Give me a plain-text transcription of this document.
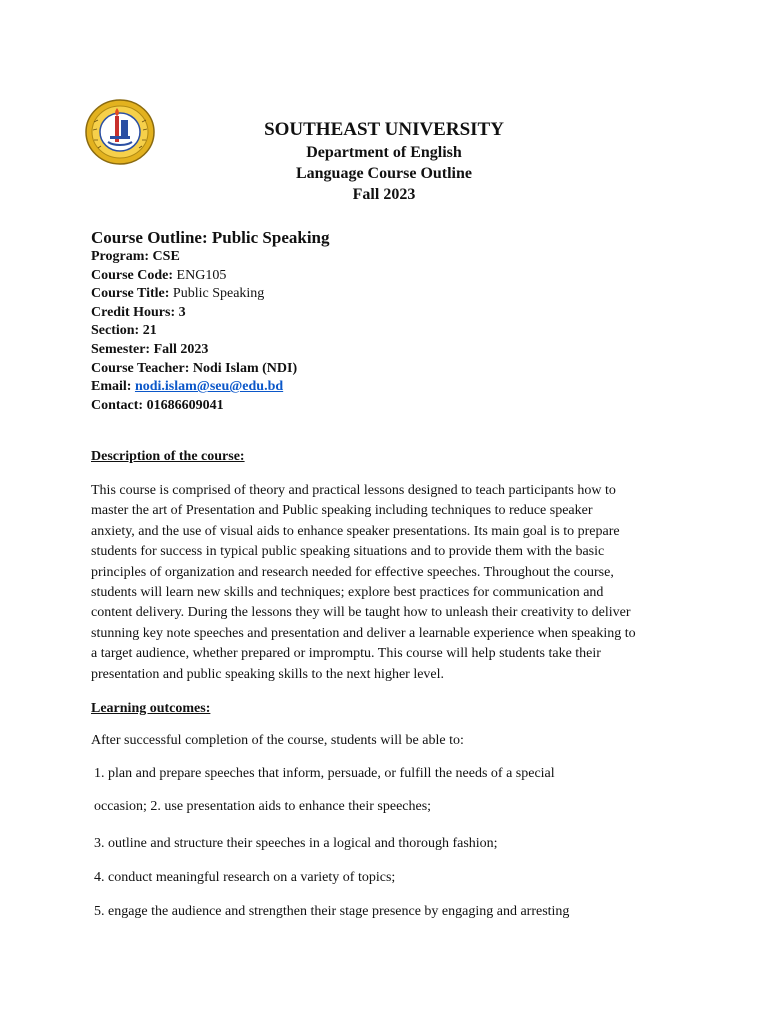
SOUTHEAST UNIVERSITY
Department of English
Language Course Outline
Fall 2023
Course Outline: Public Speaking
Program: CSE
Course Code: ENG105
Course Title: Public Speaking
Credit Hours: 3
Section: 21
Semester: Fall 2023
Course Teacher: Nodi Islam (NDI)
Email: nodi.islam@seu@edu.bd
Contact: 01686609041
Description of the course:
This course is comprised of theory and practical lessons designed to teach participants how to
master the art of Presentation and Public speaking including techniques to reduce speaker
anxiety, and the use of visual aids to enhance speaker presentations. Its main goal is to prepare
students for success in typical public speaking situations and to provide them with the basic
principles of organization and research needed for effective speeches. Throughout the course,
students will learn new skills and techniques; explore best practices for communication and
content delivery. During the lessons they will be taught how to unleash their creativity to deliver
stunning key note speeches and presentation and deliver a learnable experience when speaking to
a target audience, whether prepared or impromptu. This course will help students take their
presentation and public speaking skills to the next higher level.
Learning outcomes:
After successful completion of the course, students will be able to:
1. plan and prepare speeches that inform, persuade, or fulfill the needs of a special
occasion; 2. use presentation aids to enhance their speeches;
3. outline and structure their speeches in a logical and thorough fashion;
4. conduct meaningful research on a variety of topics;
5. engage the audience and strengthen their stage presence by engaging and arresting
